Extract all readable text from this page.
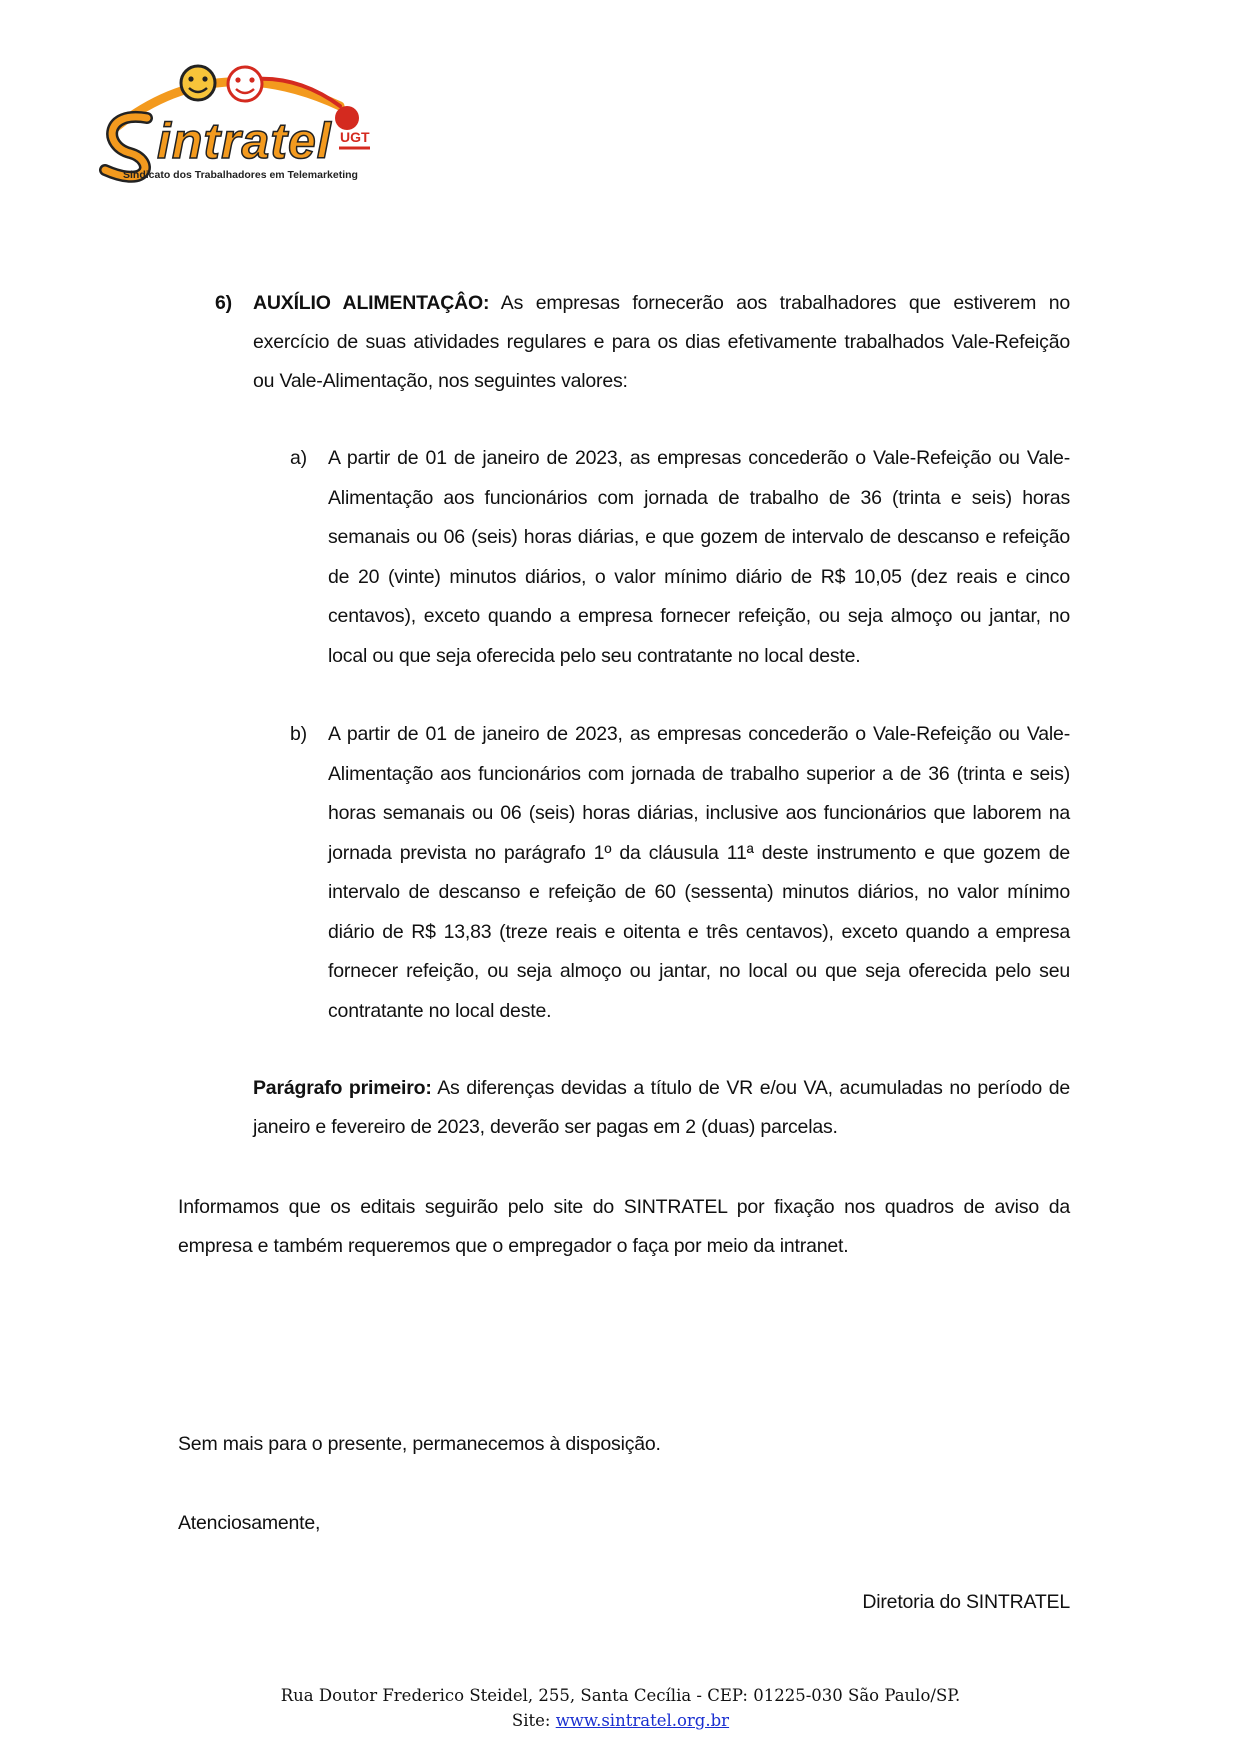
intratel UGT
Sindicato dos Trabalhadores em Telemarketing
6) AUXÍLIO ALIMENTAÇÂO: As empresas fornecerão aos trabalhadores que estiverem no exercício de suas atividades regulares e para os dias efetivamente trabalhados Vale-Refeição ou Vale-Alimentação, nos seguintes valores:
a) A partir de 01 de janeiro de 2023, as empresas concederão o Vale-Refeição ou Vale-Alimentação aos funcionários com jornada de trabalho de 36 (trinta e seis) horas semanais ou 06 (seis) horas diárias, e que gozem de intervalo de descanso e refeição de 20 (vinte) minutos diários, o valor mínimo diário de R$ 10,05 (dez reais e cinco centavos), exceto quando a empresa fornecer refeição, ou seja almoço ou jantar, no local ou que seja oferecida pelo seu contratante no local deste.
b) A partir de 01 de janeiro de 2023, as empresas concederão o Vale-Refeição ou Vale-Alimentação aos funcionários com jornada de trabalho superior a de 36 (trinta e seis) horas semanais ou 06 (seis) horas diárias, inclusive aos funcionários que laborem na jornada prevista no parágrafo 1º da cláusula 11ª deste instrumento e que gozem de intervalo de descanso e refeição de 60 (sessenta) minutos diários, no valor mínimo diário de R$ 13,83 (treze reais e oitenta e três centavos), exceto quando a empresa fornecer refeição, ou seja almoço ou jantar, no local ou que seja oferecida pelo seu contratante no local deste.
Parágrafo primeiro: As diferenças devidas a título de VR e/ou VA, acumuladas no período de janeiro e fevereiro de 2023, deverão ser pagas em 2 (duas) parcelas.
Informamos que os editais seguirão pelo site do SINTRATEL por fixação nos quadros de aviso da empresa e também requeremos que o empregador o faça por meio da intranet.
Sem mais para o presente, permanecemos à disposição.
Atenciosamente,
Diretoria do SINTRATEL
Rua Doutor Frederico Steidel, 255, Santa Cecília - CEP: 01225-030 São Paulo/SP.
Site: www.sintratel.org.br
